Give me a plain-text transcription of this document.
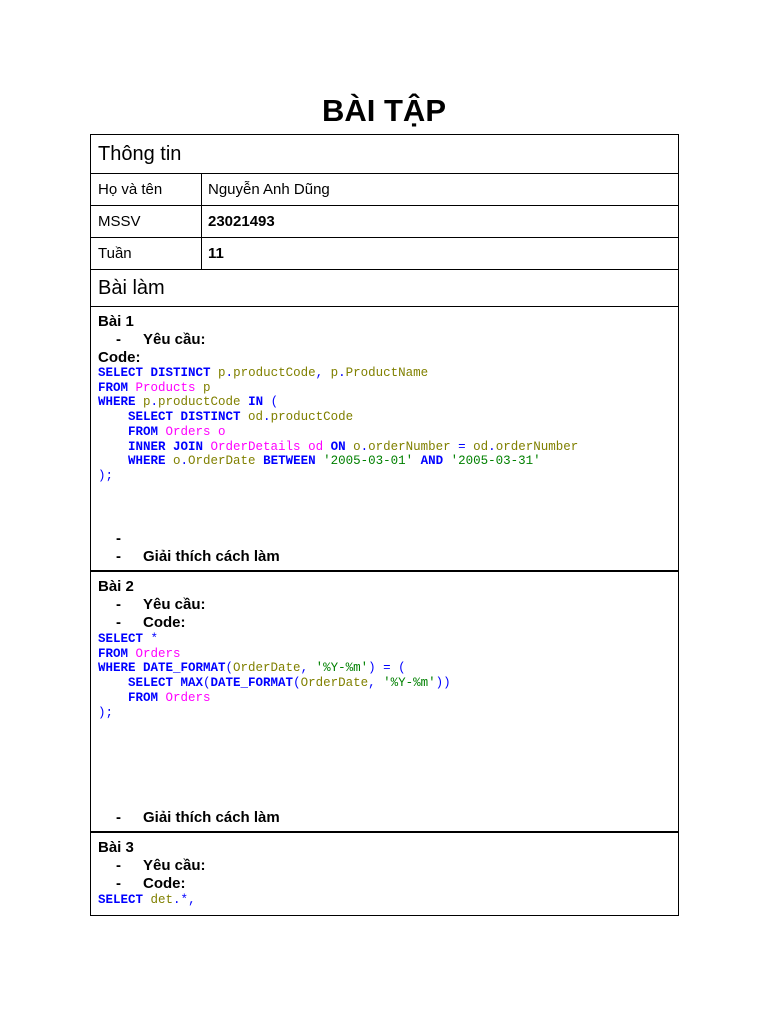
BÀI TẬP
Thông tin
Họ và tên	Nguyễn Anh Dũng
MSSV	23021493
Tuần	11
Bài làm
Bài 1
-	Yêu cầu:
Code:
SELECT DISTINCT p.productCode, p.ProductName
FROM Products p
WHERE p.productCode IN (
SELECT DISTINCT od.productCode
FROM Orders o
INNER JOIN OrderDetails od ON o.orderNumber = od.orderNumber
WHERE o.OrderDate BETWEEN '2005-03-01' AND '2005-03-31'
);
-
-	Giải thích cách làm
Bài 2
-	Yêu cầu:
-	Code:
SELECT *
FROM Orders
WHERE DATE_FORMAT(OrderDate, '%Y-%m') = (
SELECT MAX(DATE_FORMAT(OrderDate, '%Y-%m'))
FROM Orders
);
-	Giải thích cách làm
Bài 3
-	Yêu cầu:
-	Code:
SELECT det.*,
